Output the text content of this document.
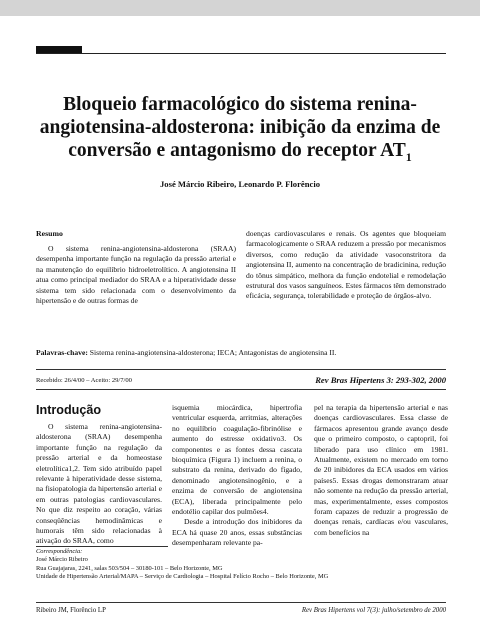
Bloqueio farmacológico do sistema renina-angiotensina-aldosterona: inibição da enzima de conversão e antagonismo do receptor $AT_1$
José Márcio Ribeiro, Leonardo P. Florêncio
Resumo

O sistema renina-angiotensina-aldosterona (SRAA) desempenha importante função na regulação da pressão arterial e na manutenção do equilíbrio hidroeletrolítico. A angiotensina II atua como principal mediador do SRAA e a hiperatividade desse sistema tem sido relacionada com o desenvolvimento da hipertensão e de outras formas de

doenças cardiovasculares e renais. Os agentes que bloqueiam farmacologicamente o SRAA reduzem a pressão por mecanismos diversos, como redução da atividade vasoconstritora da angiotensina II, aumento na concentração de bradicinina, redução do tônus simpático, melhora da função endotelial e remodelação estrutural dos vasos sanguíneos. Estes fármacos têm demonstrado eficácia, segurança, tolerabilidade e proteção de órgãos-alvo.

Palavras-chave: Sistema renina-angiotensina-aldosterona; IECA; Antagonistas de angiotensina II.
Recebido: 26/4/00 – Aceito: 29/7/00	Rev Bras Hipertens 3: 293-302, 2000
Introdução

O sistema renina-angiotensina-aldosterona (SRAA) desempenha importante função na regulação da pressão arterial e da homeostase eletrolítica1,2. Tem sido atribuído papel relevante à hiperatividade desse sistema, na fisiopatologia da hipertensão arterial e em outras patologias cardiovasculares. No que diz respeito ao coração, várias conseqüências hemodinâmicas e humorais têm sido relacionadas à ativação do SRAA, como

isquemia miocárdica, hipertrofia ventricular esquerda, arritmias, alterações no equilíbrio coagulação-fibrinólise e aumento do estresse oxidativo3. Os componentes e as fontes dessa cascata bioquímica (Figura 1) incluem a renina, o substrato da renina, derivado do fígado, denominado angiotensinogênio, e a enzima de conversão de angiotensina (ECA), liberada principalmente pelo endotélio capilar dos pulmões4.

Desde a introdução dos inibidores da ECA há quase 20 anos, essas substâncias desempenharam relevante pa-

pel na terapia da hipertensão arterial e nas doenças cardiovasculares. Essa classe de fármacos apresentou grande avanço desde que o primeiro composto, o captopril, foi liberado para uso clínico em 1981. Atualmente, existem no mercado em torno de 20 inibidores da ECA usados em vários países5. Essas drogas demonstraram atuar não somente na redução da pressão arterial, mas, experimentalmente, esses compostos foram capazes de reduzir a progressão de doenças renais, cardíacas e/ou vasculares, com benefícios na

Correspondência:
José Márcio Ribeiro
Rua Guajajaras, 2241, salas 503/504 – 30180-101 – Belo Horizonte, MG
Unidade de Hipertensão Arterial/MAPA – Serviço de Cardiologia – Hospital Felício Rocho – Belo Horizonte, MG
Ribeiro JM, Florêncio LP	Rev Bras Hipertens vol 7(3): julho/setembro de 2000
